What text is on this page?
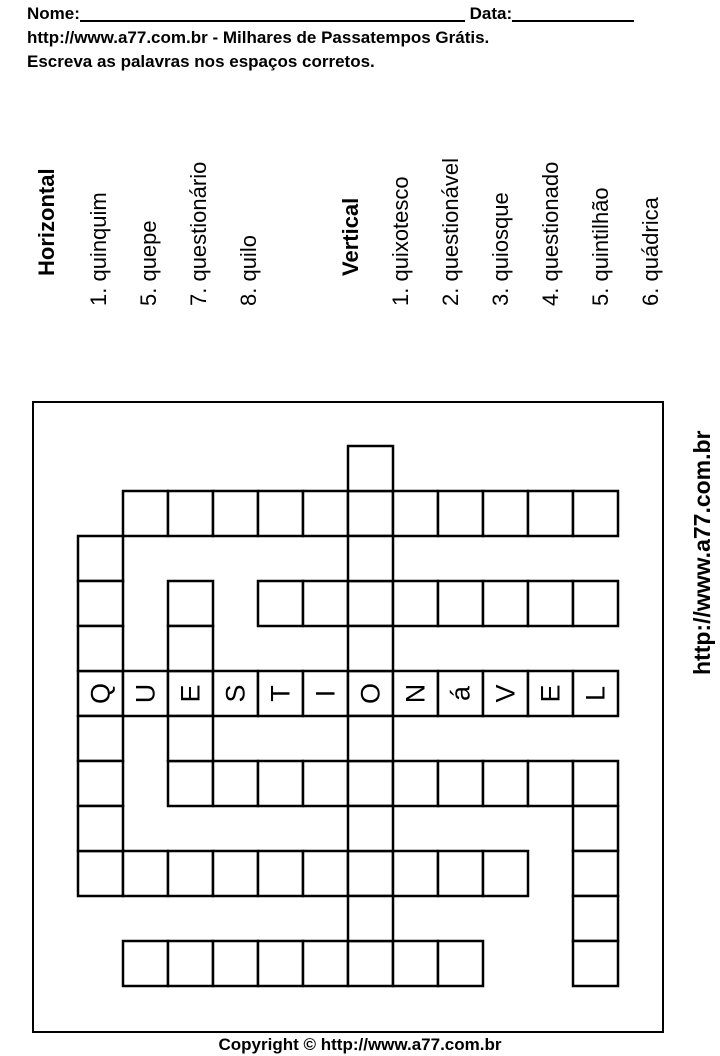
Nome:	Data:
http://www.a77.com.br - Milhares de Passatempos Grátis.
Escreva as palavras nos espaços corretos.
Horizontal 1. quinquim 5. quepe 7. questionário 8. quilo	Vertical 1. quixotesco 2. questionável 3. quiosque 4. questionado 5. quintilhão 6. quádrica
Q U E S T I O N á V E L
http://www.a77.com.br
Copyright © http://www.a77.com.br
